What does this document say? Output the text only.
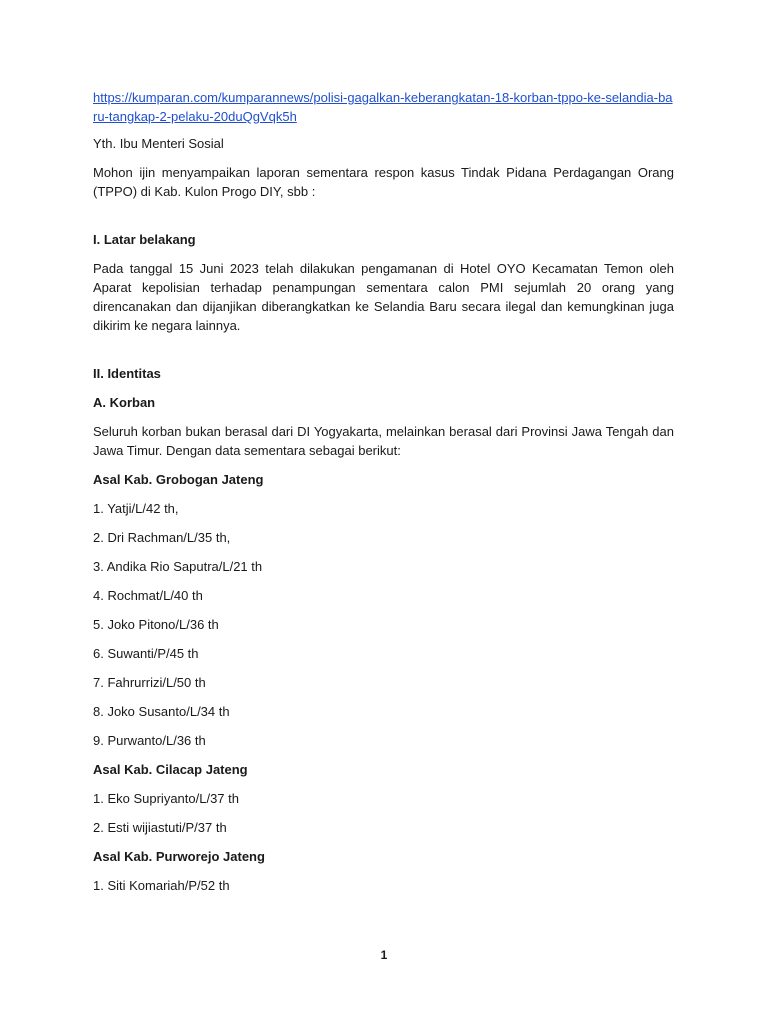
https://kumparan.com/kumparannews/polisi-gagalkan-keberangkatan-18-korban-tppo-ke-selandia-baru-tangkap-2-pelaku-20duQgVqk5h
Yth. Ibu Menteri Sosial
Mohon ijin menyampaikan laporan sementara respon kasus Tindak Pidana Perdagangan Orang (TPPO) di Kab. Kulon Progo DIY, sbb :
I. Latar belakang
Pada tanggal 15 Juni 2023 telah dilakukan pengamanan di Hotel OYO Kecamatan Temon oleh Aparat kepolisian terhadap penampungan sementara calon PMI sejumlah 20 orang yang direncanakan dan dijanjikan diberangkatkan ke Selandia Baru secara ilegal dan kemungkinan juga dikirim ke negara lainnya.
II. Identitas
A. Korban
Seluruh korban bukan berasal dari DI Yogyakarta, melainkan berasal dari Provinsi Jawa Tengah dan Jawa Timur. Dengan data sementara sebagai berikut:
Asal Kab. Grobogan Jateng
1. Yatji/L/42 th,
2. Dri Rachman/L/35 th,
3. Andika Rio Saputra/L/21 th
4. Rochmat/L/40 th
5. Joko Pitono/L/36 th
6. Suwanti/P/45 th
7. Fahrurrizi/L/50 th
8. Joko Susanto/L/34 th
9. Purwanto/L/36 th
Asal Kab. Cilacap Jateng
1. Eko Supriyanto/L/37 th
2. Esti wijiastuti/P/37 th
Asal Kab. Purworejo Jateng
1. Siti Komariah/P/52 th
1
